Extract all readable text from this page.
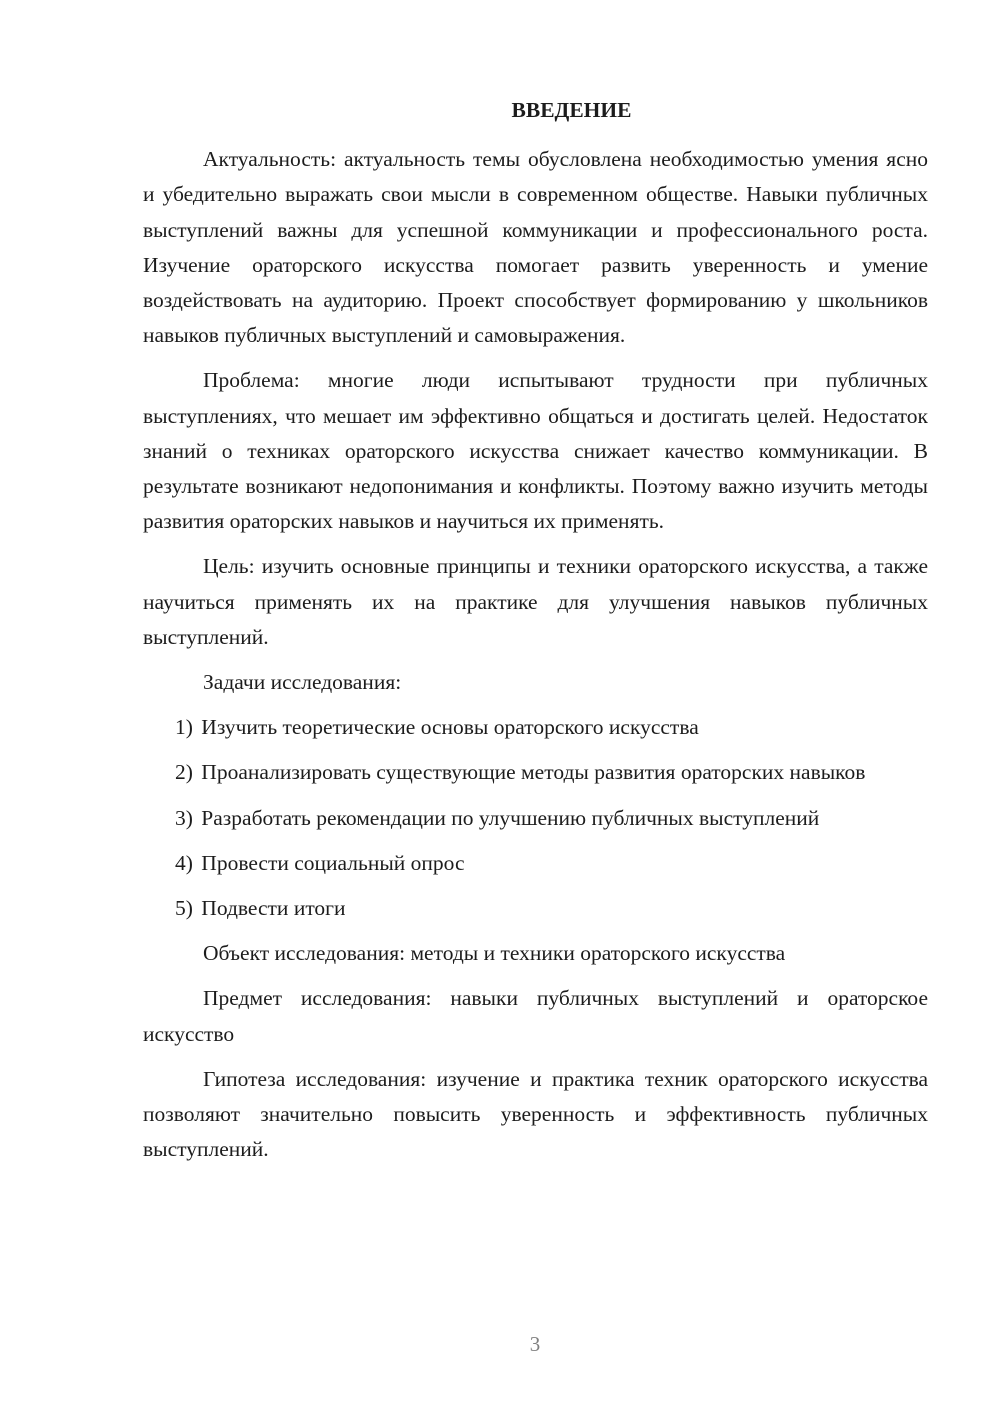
ВВЕДЕНИЕ

Актуальность: актуальность темы обусловлена необходимостью умения ясно и убедительно выражать свои мысли в современном обществе. Навыки публичных выступлений важны для успешной коммуникации и профессионального роста. Изучение ораторского искусства помогает развить уверенность и умение воздействовать на аудиторию. Проект способствует формированию у школьников навыков публичных выступлений и самовыражения.

Проблема: многие люди испытывают трудности при публичных выступлениях, что мешает им эффективно общаться и достигать целей. Недостаток знаний о техниках ораторского искусства снижает качество коммуникации. В результате возникают недопонимания и конфликты. Поэтому важно изучить методы развития ораторских навыков и научиться их применять.

Цель: изучить основные принципы и техники ораторского искусства, а также научиться применять их на практике для улучшения навыков публичных выступлений.

Задачи исследования:

1) Изучить теоретические основы ораторского искусства

2) Проанализировать существующие методы развития ораторских навыков

3) Разработать рекомендации по улучшению публичных выступлений

4) Провести социальный опрос

5) Подвести итоги

Объект исследования: методы и техники ораторского искусства

Предмет исследования: навыки публичных выступлений и ораторское искусство

Гипотеза исследования: изучение и практика техник ораторского искусства позволяют значительно повысить уверенность и эффективность публичных выступлений.

3
